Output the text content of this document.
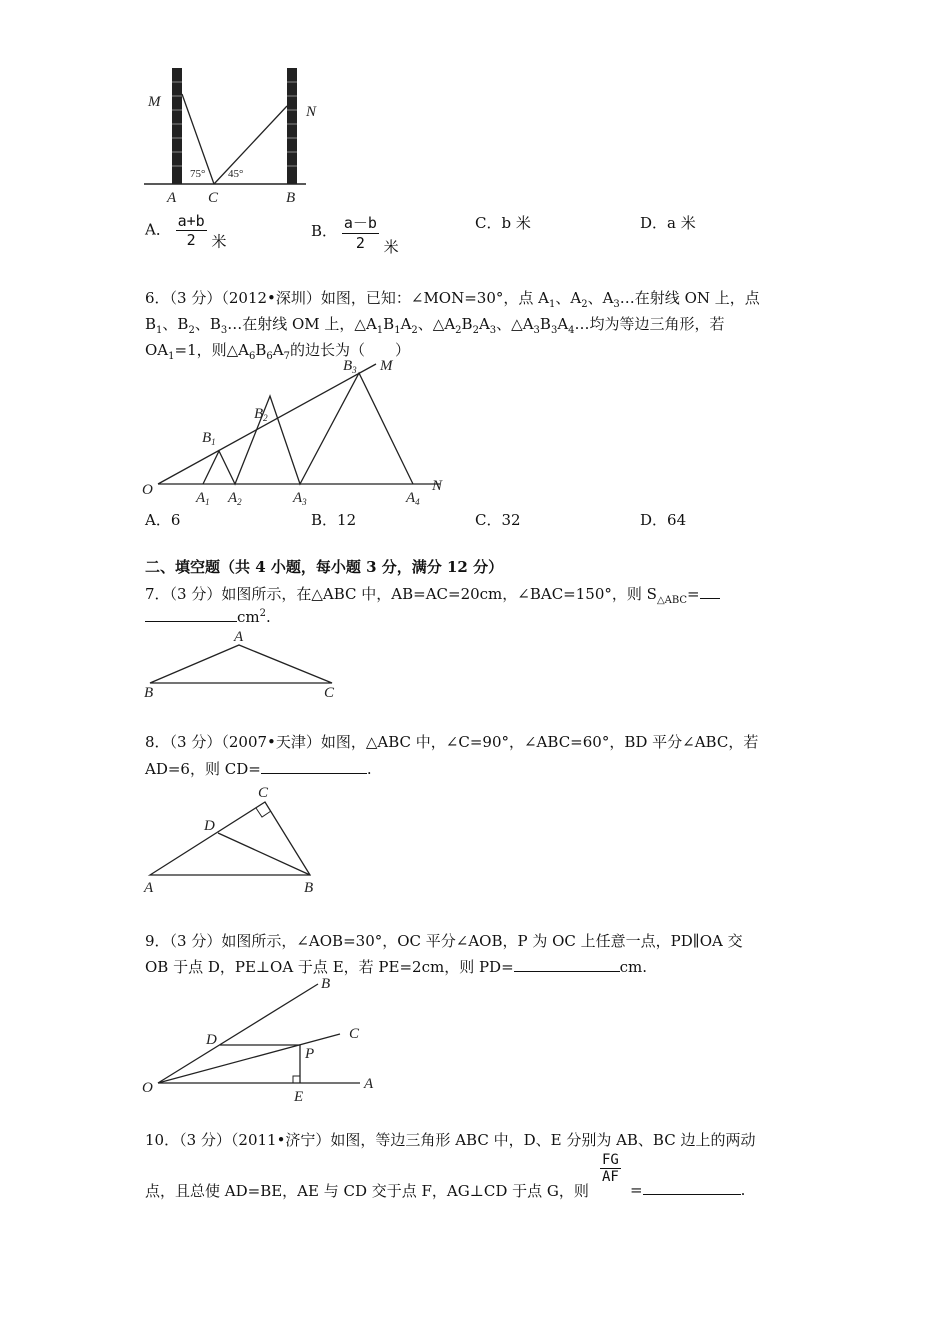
M
N
A C	B
75° 45°
A． $\frac{a+b}{2}$ 米
B． $\frac{a-b}{2}$ 米
C．b 米	D．a 米
6．（3 分）（2012•深圳）如图，已知：∠MON=30°，点 $A_1$、$A_2$、$A_3\dots$在射线 ON 上，点
$B_1$、$B_2$、$B_3\dots$在射线 OM 上，$\triangle A_1B_1A_2$、$\triangle A_2B_2A_3$、$\triangle A_3B_3A_4\dots$均为等边三角形，若
$OA_1=1$，则$\triangle A_6B_6A_7$的边长为（　　）
O
M
N
$A_1$ $A_2$	$A_3$	$A_4$
$B_1$
$B_2$
$B_3$
A．6	B．12	C．32	D．64
二、填空题（共 4 小题，每小题 3 分，满分 12 分）
7．（3 分）如图所示，在△ABC 中，AB=AC=20cm，∠BAC=150°，则 $S_{\triangle ABC}=$
$cm^2$.
A
B	C
8．（3 分）（2007•天津）如图，△ABC 中，∠C=90°，∠ABC=60°，BD 平分∠ABC，若
AD=6，则 CD=	.
C
D
A	B
9．（3 分）如图所示，∠AOB=30°，OC 平分∠AOB，P 为 OC 上任意一点，PD∥OA 交
OB 于点 D，PE⊥OA 于点 E，若 PE=2cm，则 PD=	cm.
O	A
B
C
D
P
E
10．（3 分）（2011•济宁）如图，等边三角形 ABC 中，D、E 分别为 AB、BC 边上的两动
点，且总使 AD=BE，AE 与 CD 交于点 F，AG⊥CD 于点 G，则
$\frac{FG}{AF}$
=	.
